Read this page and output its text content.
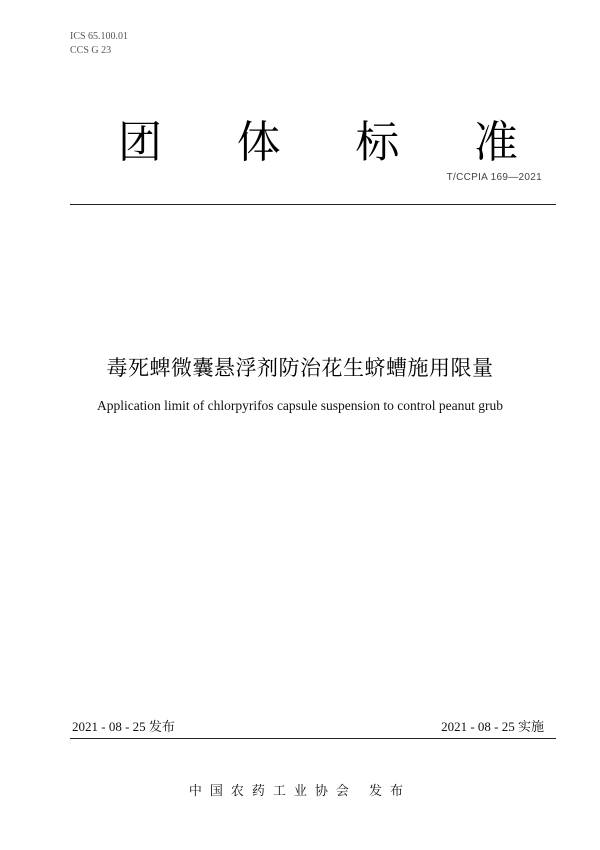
ICS 65.100.01
CCS G 23
团 体 标 准
T/CCPIA 169—2021
毒死蜱微囊悬浮剂防治花生蛴螬施用限量
Application limit of chlorpyrifos capsule suspension to control peanut grub
2021 - 08 - 25 发布	2021 - 08 - 25 实施
中国农药工业协会 发布
